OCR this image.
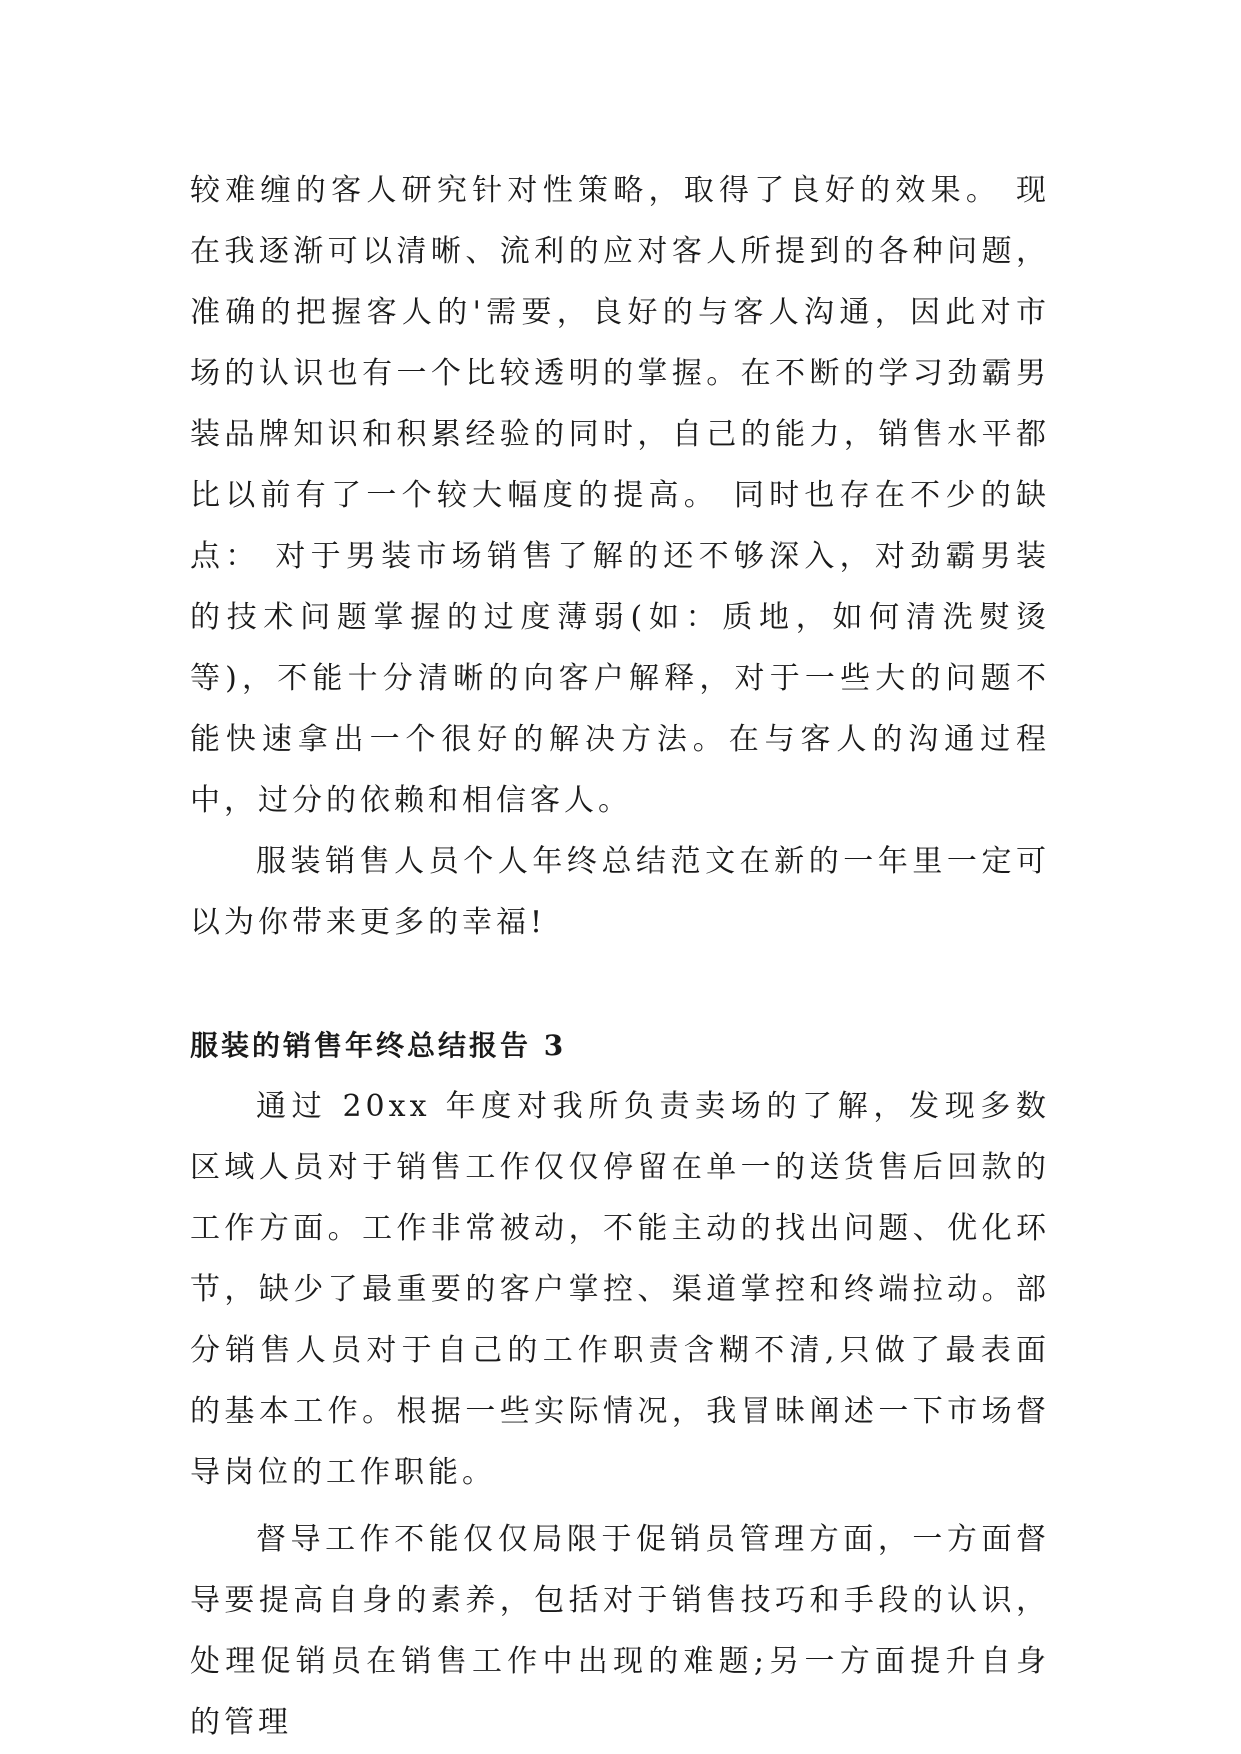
较难缠的客人研究针对性策略，取得了良好的效果。 现在我逐渐可以清晰、流利的应对客人所提到的各种问题，准确的把握客人的'需要，良好的与客人沟通，因此对市场的认识也有一个比较透明的掌握。在不断的学习劲霸男装品牌知识和积累经验的同时，自己的能力，销售水平都比以前有了一个较大幅度的提高。 同时也存在不少的缺点： 对于男装市场销售了解的还不够深入，对劲霸男装的技术问题掌握的过度薄弱(如：质地，如何清洗熨烫等)，不能十分清晰的向客户解释，对于一些大的问题不能快速拿出一个很好的解决方法。在与客人的沟通过程中，过分的依赖和相信客人。

服装销售人员个人年终总结范文在新的一年里一定可以为你带来更多的幸福!

服装的销售年终总结报告 3

通过 20xx 年度对我所负责卖场的了解，发现多数区域人员对于销售工作仅仅停留在单一的送货售后回款的工作方面。工作非常被动，不能主动的找出问题、优化环节，缺少了最重要的客户掌控、渠道掌控和终端拉动。部分销售人员对于自己的工作职责含糊不清,只做了最表面的基本工作。根据一些实际情况，我冒昧阐述一下市场督导岗位的工作职能。

督导工作不能仅仅局限于促销员管理方面，一方面督导要提高自身的素养，包括对于销售技巧和手段的认识，处理促销员在销售工作中出现的难题;另一方面提升自身的管理
